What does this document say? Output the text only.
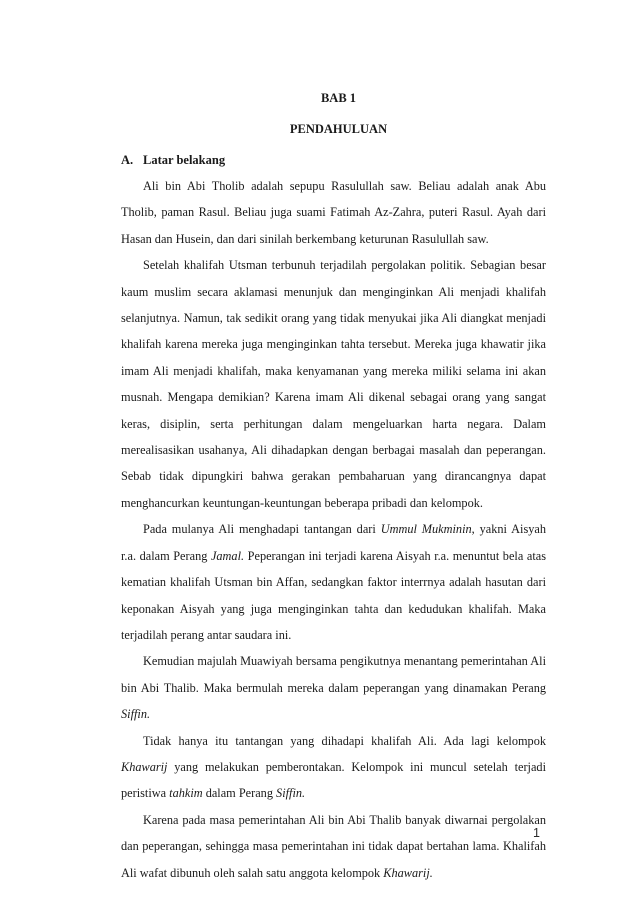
BAB 1

PENDAHULUAN

A. Latar belakang

Ali bin Abi Tholib adalah sepupu Rasulullah saw. Beliau adalah anak Abu Tholib, paman Rasul. Beliau juga suami Fatimah Az-Zahra, puteri Rasul. Ayah dari Hasan dan Husein, dan dari sinilah berkembang keturunan Rasulullah saw.

Setelah khalifah Utsman terbunuh terjadilah pergolakan politik. Sebagian besar kaum muslim secara aklamasi menunjuk dan menginginkan Ali menjadi khalifah selanjutnya. Namun, tak sedikit orang yang tidak menyukai jika Ali diangkat menjadi khalifah karena mereka juga menginginkan tahta tersebut. Mereka juga khawatir jika imam Ali menjadi khalifah, maka kenyamanan yang mereka miliki selama ini akan musnah. Mengapa demikian? Karena imam Ali dikenal sebagai orang yang sangat keras, disiplin, serta perhitungan dalam mengeluarkan harta negara. Dalam merealisasikan usahanya, Ali dihadapkan dengan berbagai masalah dan peperangan. Sebab tidak dipungkiri bahwa gerakan pembaharuan yang dirancangnya dapat menghancurkan keuntungan-keuntungan beberapa pribadi dan kelompok.

Pada mulanya Ali menghadapi tantangan dari Ummul Mukminin, yakni Aisyah r.a. dalam Perang Jamal. Peperangan ini terjadi karena Aisyah r.a. menuntut bela atas kematian khalifah Utsman bin Affan, sedangkan faktor interrnya adalah hasutan dari keponakan Aisyah yang juga menginginkan tahta dan kedudukan khalifah. Maka terjadilah perang antar saudara ini.

Kemudian majulah Muawiyah bersama pengikutnya menantang pemerintahan Ali bin Abi Thalib. Maka bermulah mereka dalam peperangan yang dinamakan Perang Siffin.

Tidak hanya itu tantangan yang dihadapi khalifah Ali. Ada lagi kelompok Khawarij yang melakukan pemberontakan. Kelompok ini muncul setelah terjadi peristiwa tahkim dalam Perang Siffin.

Karena pada masa pemerintahan Ali bin Abi Thalib banyak diwarnai pergolakan dan peperangan, sehingga masa pemerintahan ini tidak dapat bertahan lama. Khalifah Ali wafat dibunuh oleh salah satu anggota kelompok Khawarij.

1
